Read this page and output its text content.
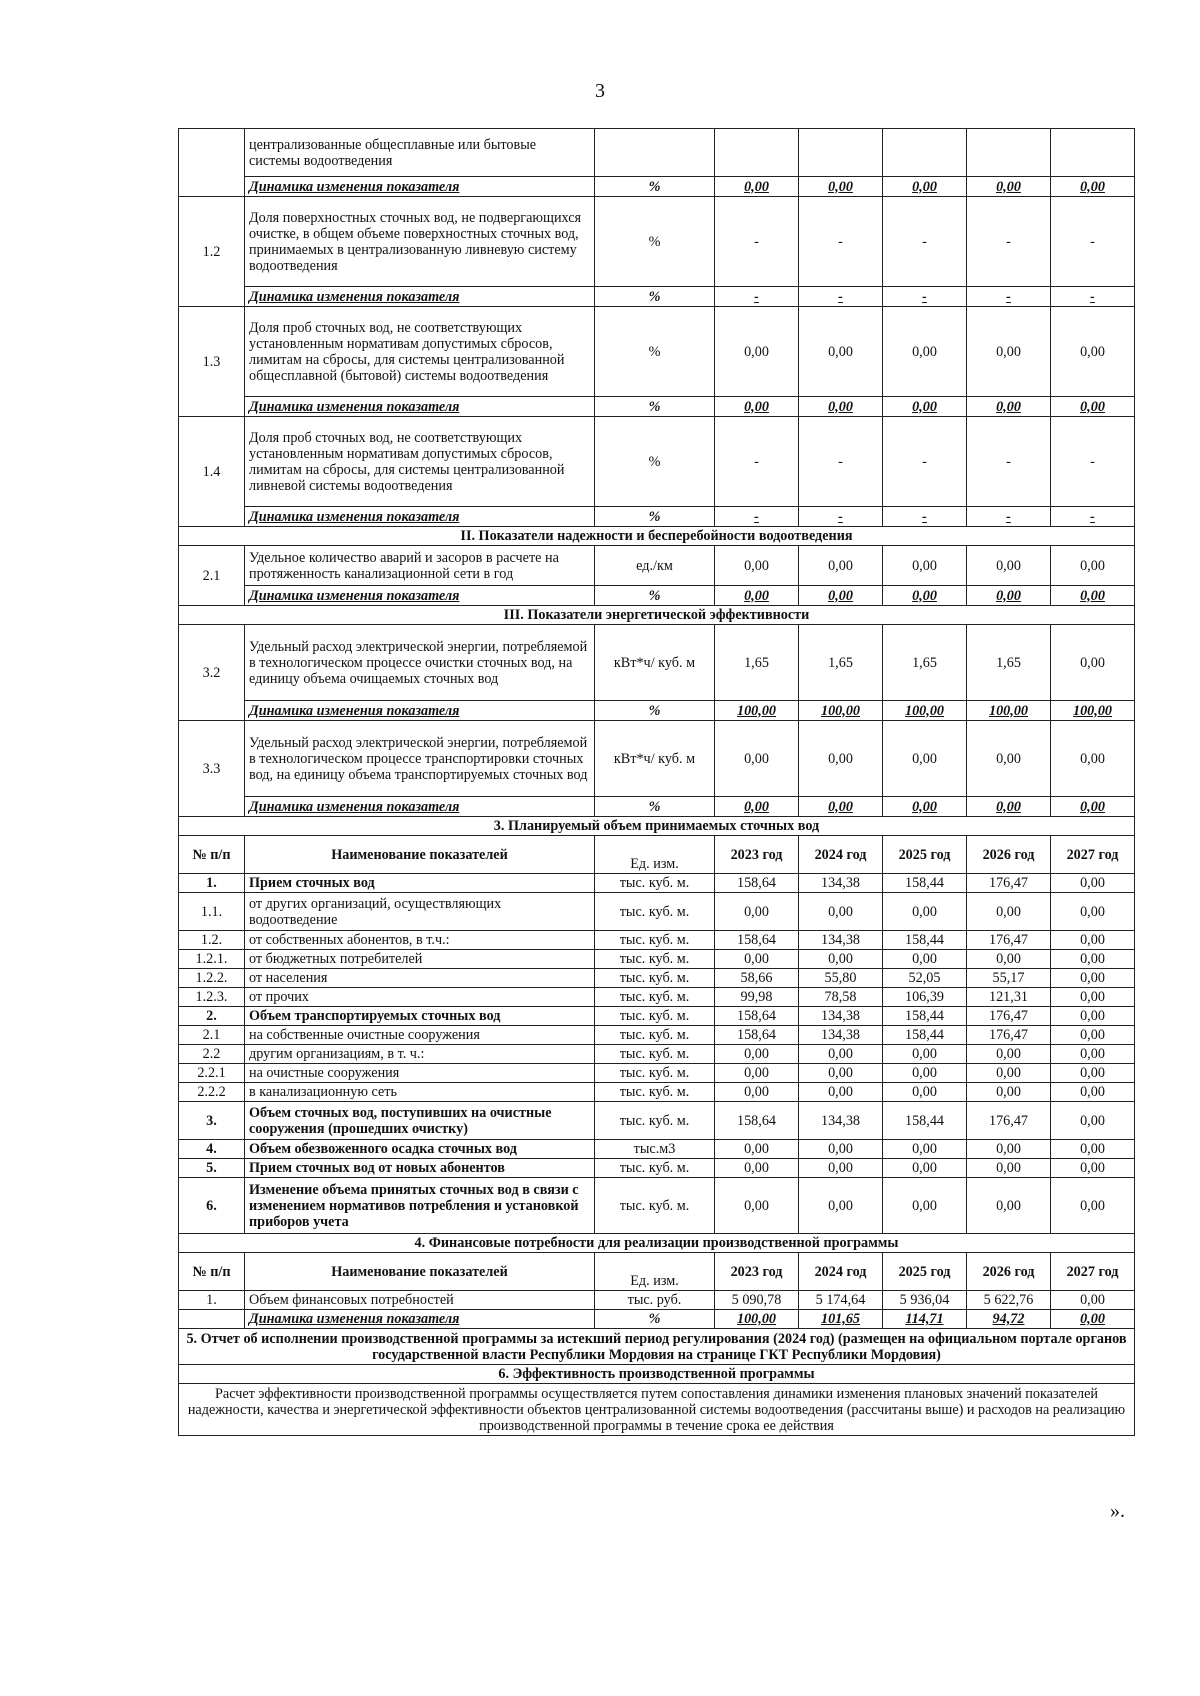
3
	централизованные общесплавные или бытовые системы водоотведения						
	Динамика изменения показателя	%	0,00	0,00	0,00	0,00	0,00
1.2	Доля поверхностных сточных вод, не подвергающихся очистке, в общем объеме поверхностных сточных вод, принимаемых в централизованную ливневую систему водоотведения	%	-	-	-	-	-
	Динамика изменения показателя	%	-	-	-	-	-
1.3	Доля проб сточных вод, не соответствующих установленным нормативам допустимых сбросов, лимитам на сбросы, для системы централизованной общесплавной (бытовой) системы водоотведения	%	0,00	0,00	0,00	0,00	0,00
	Динамика изменения показателя	%	0,00	0,00	0,00	0,00	0,00
1.4	Доля проб сточных вод, не соответствующих установленным нормативам допустимых сбросов, лимитам на сбросы, для системы централизованной ливневой системы водоотведения	%	-	-	-	-	-
	Динамика изменения показателя	%	-	-	-	-	-
II. Показатели надежности и бесперебойности водоотведения							
2.1	Удельное количество аварий и засоров в расчете на протяженность канализационной сети в год	ед./км	0,00	0,00	0,00	0,00	0,00
	Динамика изменения показателя	%	0,00	0,00	0,00	0,00	0,00
III. Показатели энергетической эффективности							
3.2	Удельный расход электрической энергии, потребляемой в технологическом процессе очистки сточных вод, на единицу объема очищаемых сточных вод	кВт*ч/ куб. м	1,65	1,65	1,65	1,65	0,00
	Динамика изменения показателя	%	100,00	100,00	100,00	100,00	100,00
3.3	Удельный расход электрической энергии, потребляемой в технологическом процессе транспортировки сточных вод, на единицу объема транспортируемых сточных вод	кВт*ч/ куб. м	0,00	0,00	0,00	0,00	0,00
	Динамика изменения показателя	%	0,00	0,00	0,00	0,00	0,00
3. Планируемый объем принимаемых сточных вод							
№ п/п	Наименование показателей	Ед. изм.	2023 год	2024 год	2025 год	2026 год	2027 год
1.	Прием сточных вод	тыс. куб. м.	158,64	134,38	158,44	176,47	0,00
1.1.	от других организаций, осуществляющих водоотведение	тыс. куб. м.	0,00	0,00	0,00	0,00	0,00
1.2.	от собственных абонентов, в т.ч.:	тыс. куб. м.	158,64	134,38	158,44	176,47	0,00
1.2.1.	от бюджетных потребителей	тыс. куб. м.	0,00	0,00	0,00	0,00	0,00
1.2.2.	от населения	тыс. куб. м.	58,66	55,80	52,05	55,17	0,00
1.2.3.	от прочих	тыс. куб. м.	99,98	78,58	106,39	121,31	0,00
2.	Объем транспортируемых сточных вод	тыс. куб. м.	158,64	134,38	158,44	176,47	0,00
2.1	на собственные очистные сооружения	тыс. куб. м.	158,64	134,38	158,44	176,47	0,00
2.2	другим организациям, в т. ч.:	тыс. куб. м.	0,00	0,00	0,00	0,00	0,00
2.2.1	на очистные сооружения	тыс. куб. м.	0,00	0,00	0,00	0,00	0,00
2.2.2	в канализационную сеть	тыс. куб. м.	0,00	0,00	0,00	0,00	0,00
3.	Объем сточных вод, поступивших на очистные сооружения (прошедших очистку)	тыс. куб. м.	158,64	134,38	158,44	176,47	0,00
4.	Объем обезвоженного осадка сточных вод	тыс.м3	0,00	0,00	0,00	0,00	0,00
5.	Прием сточных вод от новых абонентов	тыс. куб. м.	0,00	0,00	0,00	0,00	0,00
6.	Изменение объема принятых сточных вод в связи с изменением нормативов потребления и установкой приборов учета	тыс. куб. м.	0,00	0,00	0,00	0,00	0,00
4. Финансовые потребности для реализации производственной программы							
№ п/п	Наименование показателей	Ед. изм.	2023 год	2024 год	2025 год	2026 год	2027 год
1.	Объем финансовых потребностей	тыс. руб.	5 090,78	5 174,64	5 936,04	5 622,76	0,00
	Динамика изменения показателя	%	100,00	101,65	114,71	94,72	0,00
5. Отчет об исполнении производственной программы за истекший период регулирования (2024 год) (размещен на официальном портале органов государственной власти Республики Мордовия на странице ГКТ Республики Мордовия)							
6. Эффективность производственной программы							
Расчет эффективности производственной программы осуществляется путем сопоставления динамики изменения плановых значений показателей надежности, качества и энергетической эффективности объектов централизованной системы водоотведения (рассчитаны выше) и расходов на реализацию производственной программы в течение срока ее действия							
».
